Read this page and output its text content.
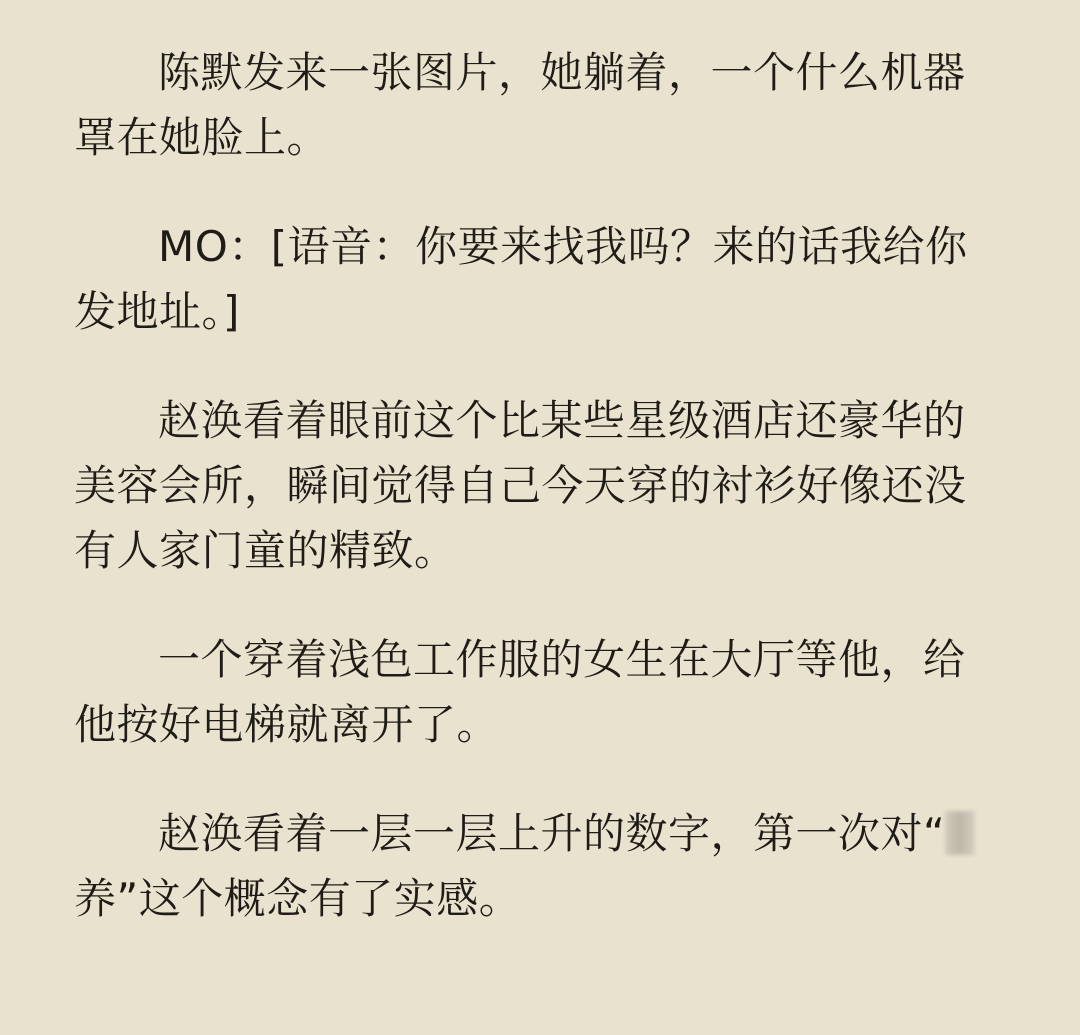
陈默发来一张图片，她躺着，一个什么机器罩在她脸上。

MO：[语音：你要来找我吗？来的话我给你发地址。]

赵涣看着眼前这个比某些星级酒店还豪华的美容会所，瞬间觉得自己今天穿的衬衫好像还没有人家门童的精致。

一个穿着浅色工作服的女生在大厅等他，给他按好电梯就离开了。

赵涣看着一层一层上升的数字，第一次对“养”这个概念有了实感。
